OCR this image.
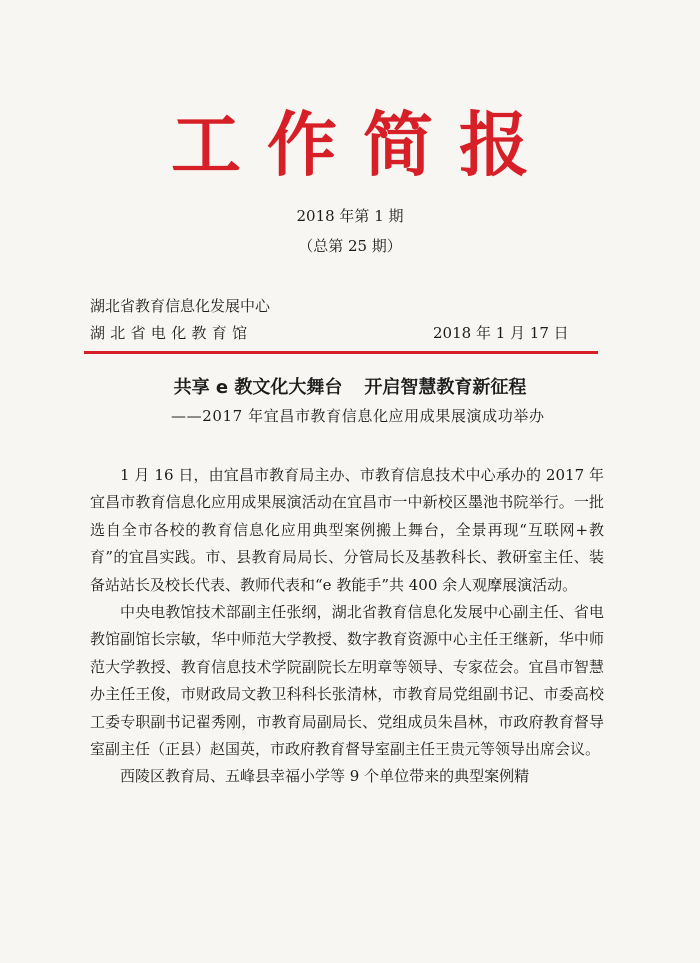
工作简报
2018 年第 1 期
（总第 25 期）
湖北省教育信息化发展中心
湖北省电化教育馆	2018 年 1 月 17 日
共享 e 教文化大舞台 开启智慧教育新征程
——2017 年宜昌市教育信息化应用成果展演成功举办

1 月 16 日，由宜昌市教育局主办、市教育信息技术中心承办的 2017 年宜昌市教育信息化应用成果展演活动在宜昌市一中新校区墨池书院举行。一批选自全市各校的教育信息化应用典型案例搬上舞台，全景再现“互联网+教育”的宜昌实践。市、县教育局局长、分管局长及基教科长、教研室主任、装备站站长及校长代表、教师代表和“e 教能手”共 400 余人观摩展演活动。

中央电教馆技术部副主任张纲，湖北省教育信息化发展中心副主任、省电教馆副馆长宗敏，华中师范大学教授、数字教育资源中心主任王继新，华中师范大学教授、教育信息技术学院副院长左明章等领导、专家莅会。宜昌市智慧办主任王俊，市财政局文教卫科科长张清林，市教育局党组副书记、市委高校工委专职副书记翟秀刚，市教育局副局长、党组成员朱昌林，市政府教育督导室副主任（正县）赵国英，市政府教育督导室副主任王贵元等领导出席会议。

西陵区教育局、五峰县幸福小学等 9 个单位带来的典型案例精
